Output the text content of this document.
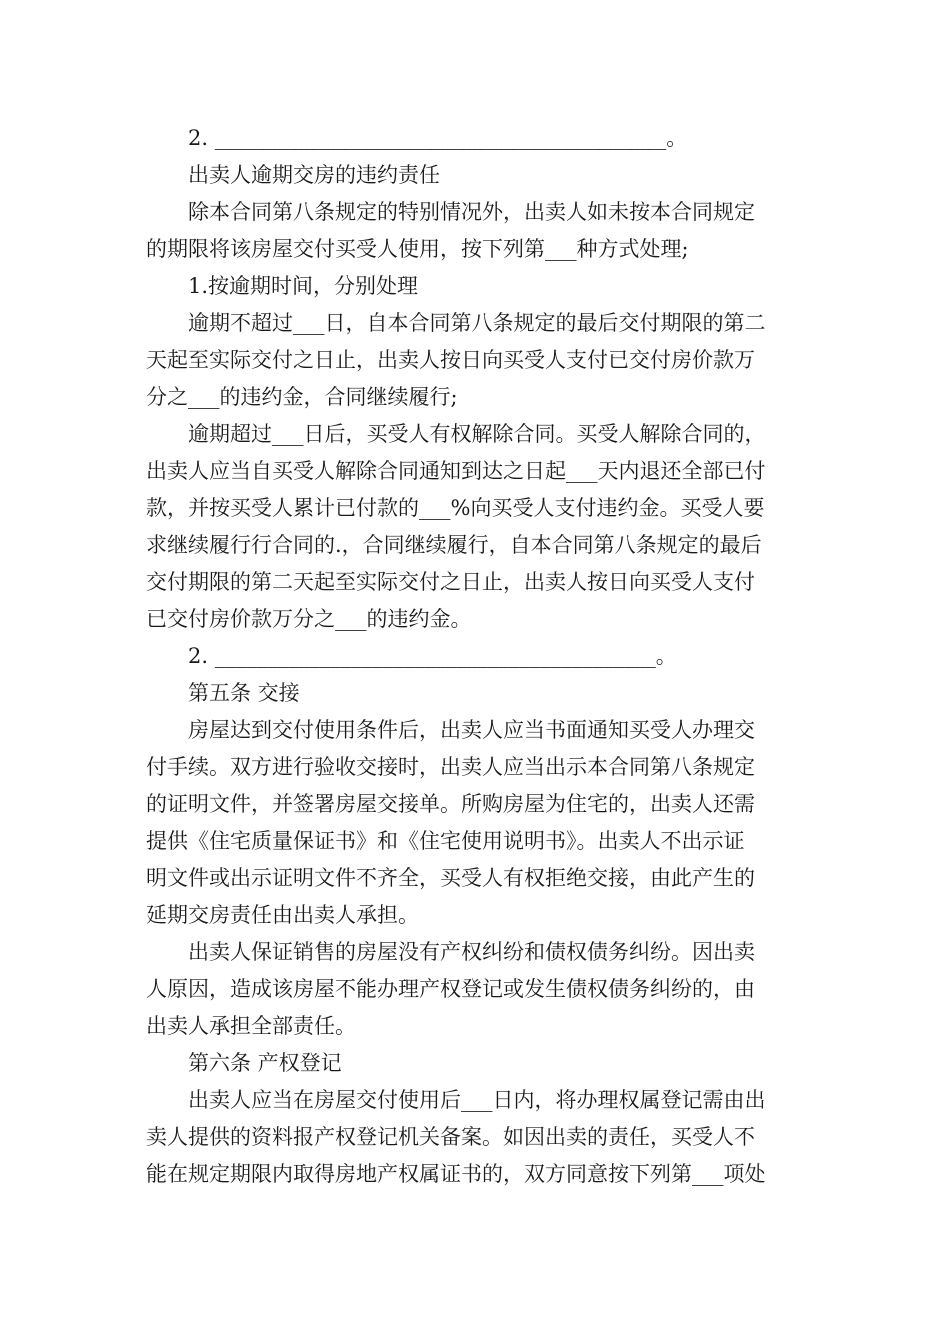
2. ___________________________________________。
出卖人逾期交房的违约责任
除本合同第八条规定的特别情况外，出卖人如未按本合同规定
的期限将该房屋交付买受人使用，按下列第___种方式处理;
1.按逾期时间，分别处理
逾期不超过___日，自本合同第八条规定的最后交付期限的第二
天起至实际交付之日止，出卖人按日向买受人支付已交付房价款万
分之___的违约金，合同继续履行;
逾期超过___日后，买受人有权解除合同。买受人解除合同的，
出卖人应当自买受人解除合同通知到达之日起___天内退还全部已付
款，并按买受人累计已付款的___%向买受人支付违约金。买受人要
求继续履行行合同的.，合同继续履行，自本合同第八条规定的最后
交付期限的第二天起至实际交付之日止，出卖人按日向买受人支付
已交付房价款万分之___的违约金。
2. __________________________________________。
第五条 交接
房屋达到交付使用条件后，出卖人应当书面通知买受人办理交
付手续。双方进行验收交接时，出卖人应当出示本合同第八条规定
的证明文件，并签署房屋交接单。所购房屋为住宅的，出卖人还需
提供《住宅质量保证书》和《住宅使用说明书》。出卖人不出示证
明文件或出示证明文件不齐全，买受人有权拒绝交接，由此产生的
延期交房责任由出卖人承担。
出卖人保证销售的房屋没有产权纠纷和债权债务纠纷。因出卖
人原因，造成该房屋不能办理产权登记或发生债权债务纠纷的，由
出卖人承担全部责任。
第六条 产权登记
出卖人应当在房屋交付使用后___日内，将办理权属登记需由出
卖人提供的资料报产权登记机关备案。如因出卖的责任，买受人不
能在规定期限内取得房地产权属证书的，双方同意按下列第___项处
